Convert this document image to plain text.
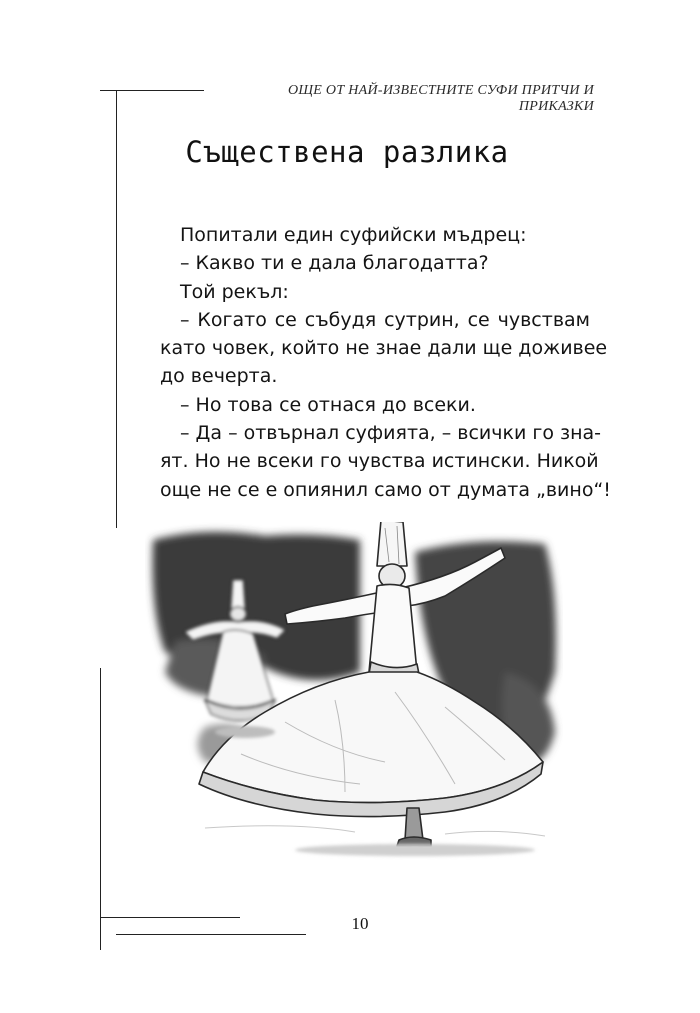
ОЩЕ ОТ НАЙ-ИЗВЕСТНИТЕ СУФИ ПРИТЧИ И ПРИКАЗКИ
Съществена разлика
Попитали един суфийски мъдрец:
– Какво ти е дала благодатта?
Той рекъл:
– Когато се събудя сутрин, се чувствам
като човек, който не знае дали ще доживее
до вечерта.
– Но това се отнася до всеки.
– Да – отвърнал суфията, – всички го зна-
ят. Но не всеки го чувства истински. Никой
още не се е опиянил само от думата „вино“!
10
